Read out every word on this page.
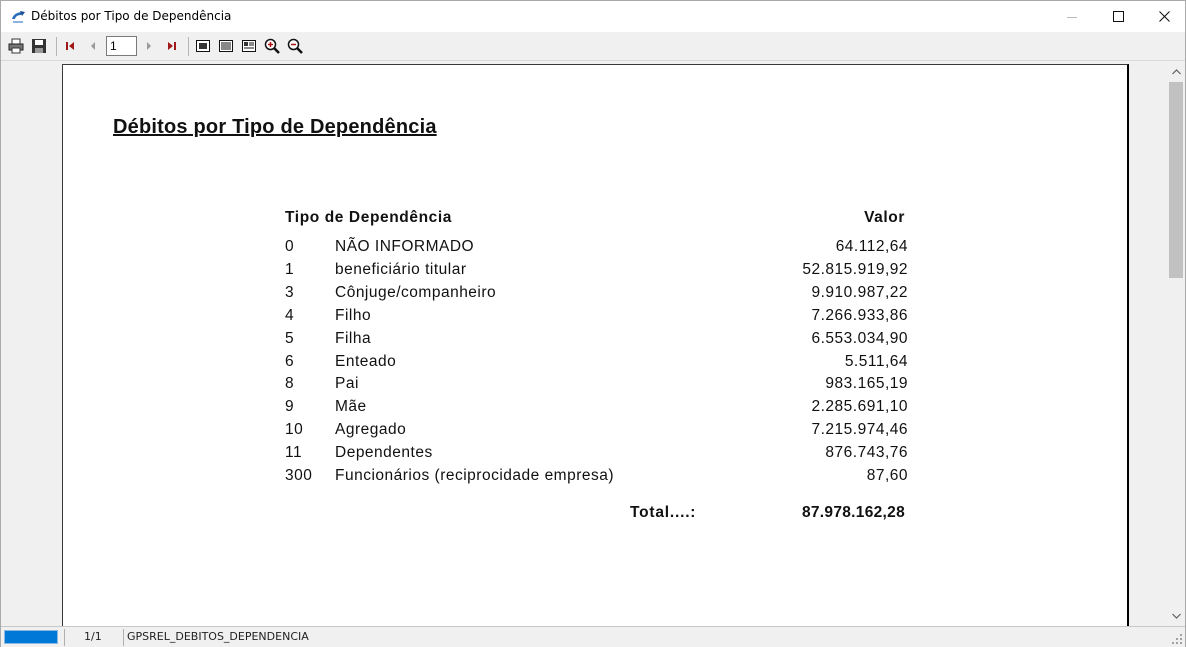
Débitos por Tipo de Dependência
1
Débitos por Tipo de Dependência
Tipo de Dependência	Valor
0	NÃO INFORMADO	64.112,64
1	beneficiário titular	52.815.919,92
3	Cônjuge/companheiro	9.910.987,22
4	Filho	7.266.933,86
5	Filha	6.553.034,90
6	Enteado	5.511,64
8	Pai	983.165,19
9	Mãe	2.285.691,10
10 Agregado	7.215.974,46
11 Dependentes	876.743,76
300 Funcionários (reciprocidade empresa)	87,60
Total....:	87.978.162,28
1/1	GPSREL_DEBITOS_DEPENDENCIA
